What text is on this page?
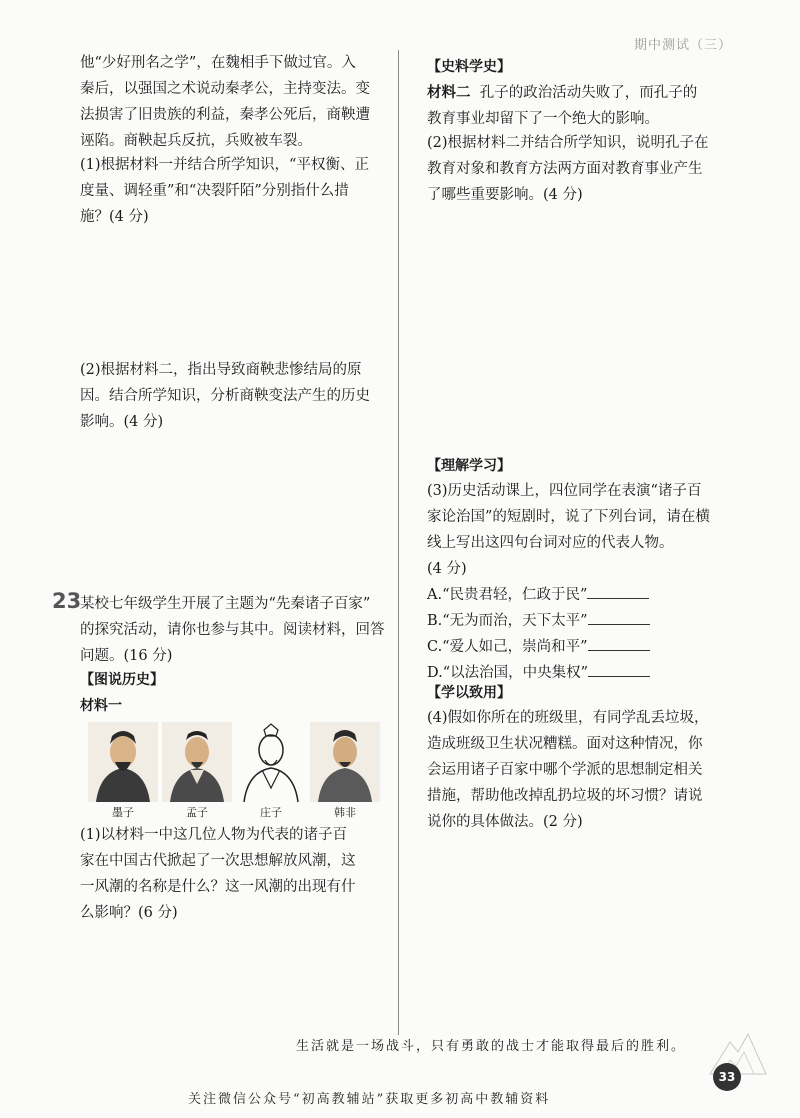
期中测试（三）

他“少好刑名之学”，在魏相手下做过官。入

秦后，以强国之术说动秦孝公，主持变法。变

法损害了旧贵族的利益，秦孝公死后，商鞅遭

诬陷。商鞅起兵反抗，兵败被车裂。

(1)根据材料一并结合所学知识，“平权衡、正

度量、调轻重”和“决裂阡陌”分别指什么措

施？(4 分)

(2)根据材料二，指出导致商鞅悲惨结局的原

因。结合所学知识，分析商鞅变法产生的历史

影响。(4 分)

23

某校七年级学生开展了主题为“先秦诸子百家”

的探究活动，请你也参与其中。阅读材料，回答

问题。(16 分)

【图说历史】

材料一

墨子	孟子	庄子	韩非

(1)以材料一中这几位人物为代表的诸子百

家在中国古代掀起了一次思想解放风潮，这

一风潮的名称是什么？这一风潮的出现有什

么影响？(6 分)

【史料学史】

材料二 孔子的政治活动失败了，而孔子的

教育事业却留下了一个绝大的影响。

(2)根据材料二并结合所学知识，说明孔子在

教育对象和教育方法两方面对教育事业产生

了哪些重要影响。(4 分)

【理解学习】

(3)历史活动课上，四位同学在表演“诸子百

家论治国”的短剧时，说了下列台词，请在横

线上写出这四句台词对应的代表人物。

(4 分)

A.“民贵君轻，仁政于民”

B.“无为而治，天下太平”

C.“爱人如己，崇尚和平”

D.“以法治国，中央集权”

【学以致用】

(4)假如你所在的班级里，有同学乱丢垃圾，

造成班级卫生状况糟糕。面对这种情况，你

会运用诸子百家中哪个学派的思想制定相关

措施，帮助他改掉乱扔垃圾的坏习惯？请说

说你的具体做法。(2 分)

生活就是一场战斗，只有勇敢的战士才能取得最后的胜利。
33
关注微信公众号“初高教辅站”获取更多初高中教辅资料
